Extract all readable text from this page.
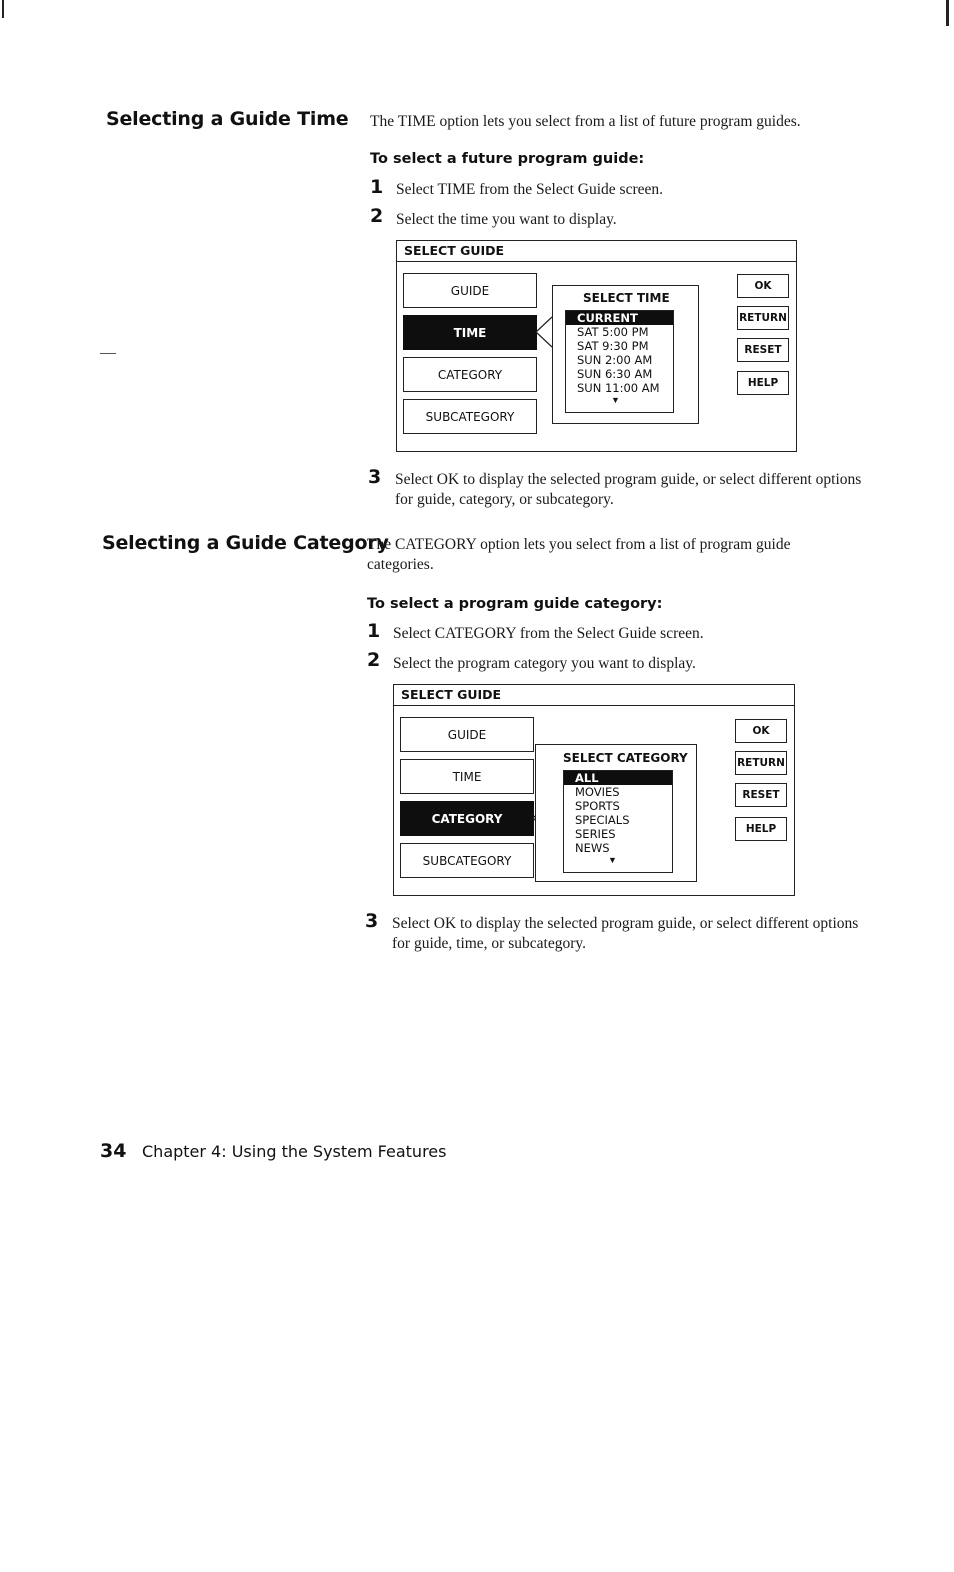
Selecting a Guide Time The TIME option lets you select from a list of future program guides.
To select a future program guide:
1 Select TIME from the Select Guide screen.
2 Select the time you want to display.
SELECT GUIDE
GUIDE
TIME
CATEGORY
SUBCATEGORY
SELECT TIME
CURRENT
SAT 5:00 PM
SAT 9:30 PM
SUN 2:00 AM
SUN 6:30 AM
SUN 11:00 AM
▼
OK
RETURN
RESET
HELP
3 Select OK to display the selected program guide, or select different options for guide, category, or subcategory.
Selecting a Guide Category
The CATEGORY option lets you select from a list of program guide categories.
To select a program guide category:
1 Select CATEGORY from the Select Guide screen.
2 Select the program category you want to display.
SELECT GUIDE
GUIDE
TIME
CATEGORY
SUBCATEGORY
SELECT CATEGORY
ALL
MOVIES
SPORTS
SPECIALS
SERIES
NEWS
▼
OK
RETURN
RESET
HELP
3 Select OK to display the selected program guide, or select different options for guide, time, or subcategory.
34 Chapter 4: Using the System Features
